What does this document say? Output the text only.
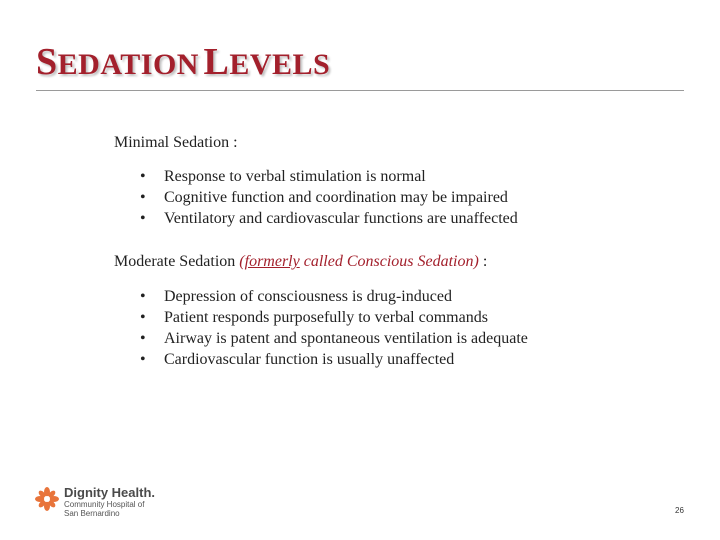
SEDATION LEVELS
Minimal Sedation :
• Response to verbal stimulation is normal
• Cognitive function and coordination may be impaired
• Ventilatory and cardiovascular functions are unaffected
Moderate Sedation (formerly called Conscious Sedation) :
• Depression of consciousness is drug-induced
• Patient responds purposefully to verbal commands
• Airway is patent and spontaneous ventilation is adequate
• Cardiovascular function is usually unaffected
Dignity Health.
Community Hospital of
San Bernardino	26
